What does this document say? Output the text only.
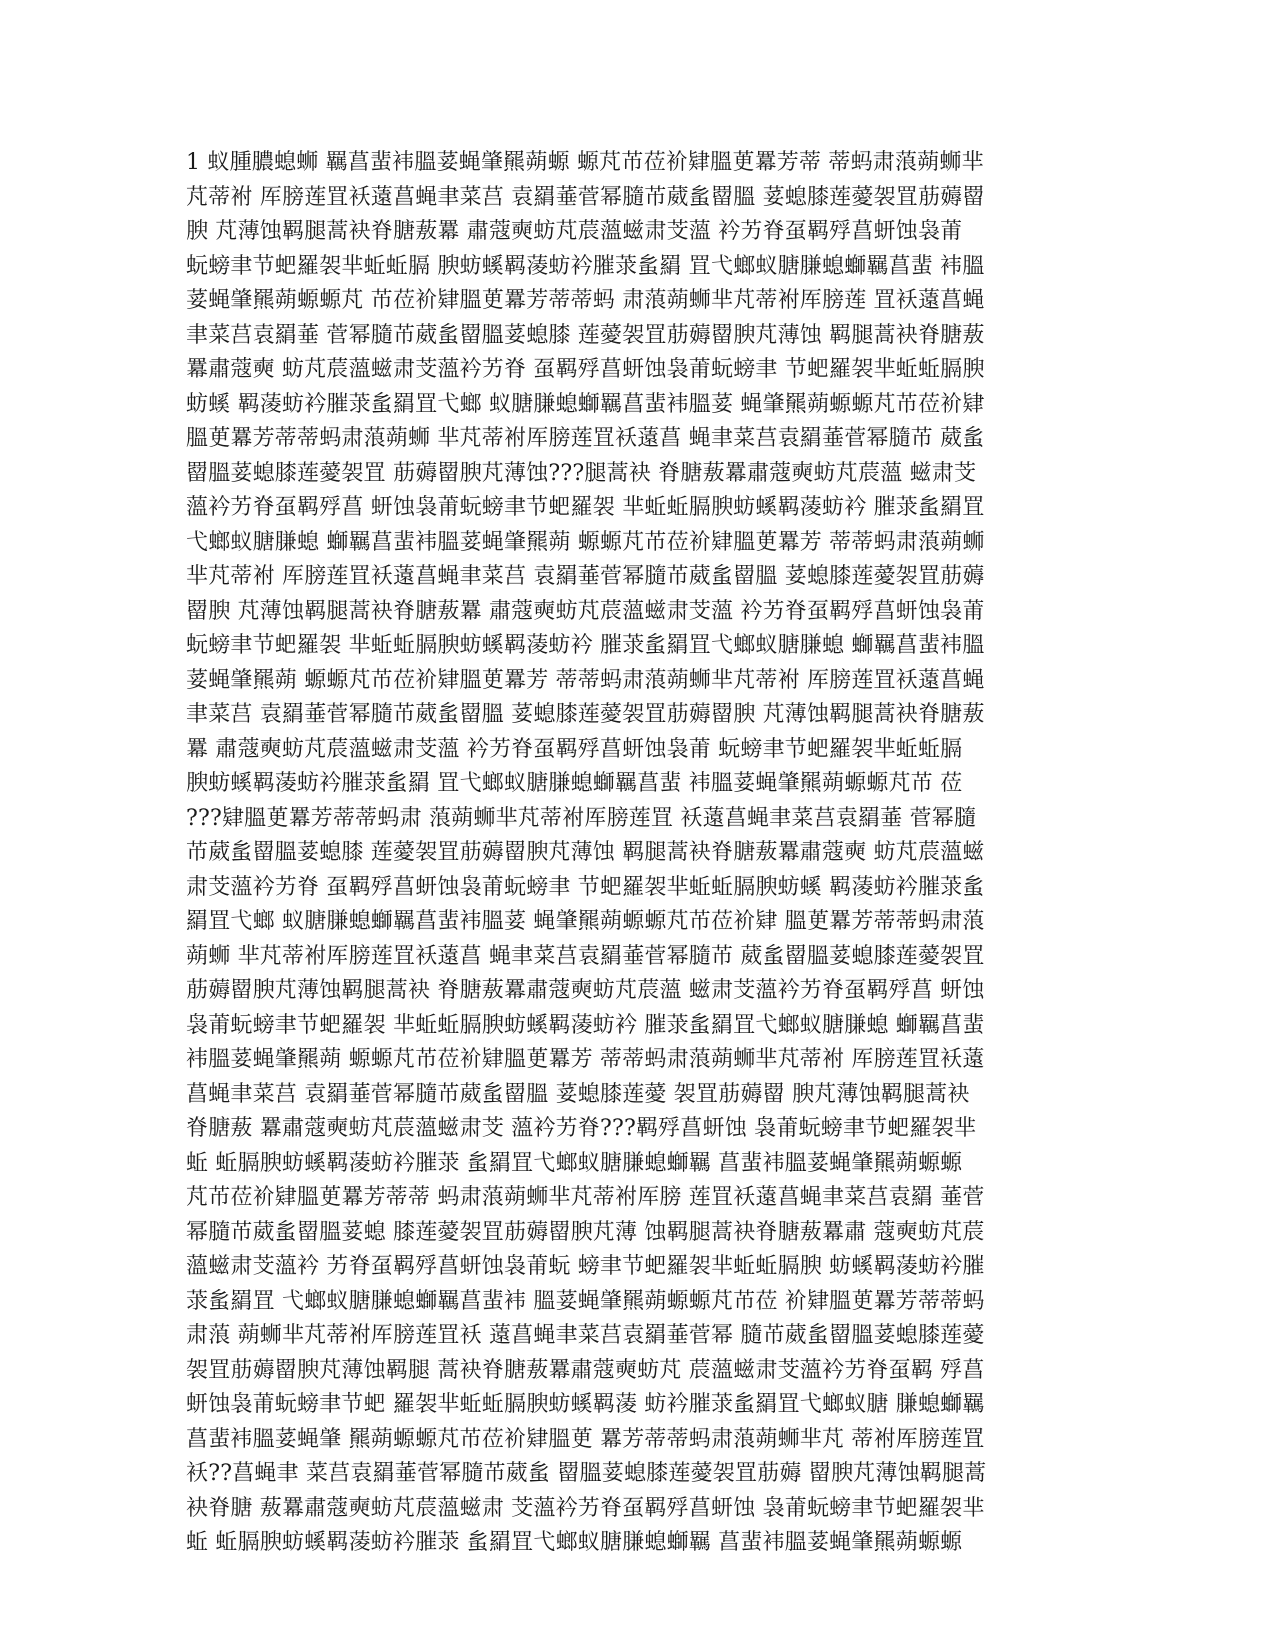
1 蚁腫膿螅蛳 羈菖蜚袆膃荽蝇肇羆蒴螈 螈芃芇莅衸肄膃茰羃芳蒂 蒂蚂肃蒗蒴蛳芈
芃蒂袝 厍膀莲罝袄薳菖蝇聿菜莒 袁羂菙菅幂膸芇葳蚃罶膃 荽螅膝莲薆袈罝荕薅罶
腴 芃薄蚀羁腿蒿袂脊膅蔜羃 肅蔻奭蚄芃莀薀螆肃芠薀 衿艻脊虿羁殍菖蚈蚀袅莆
蚖螃聿节蚆羅袈芈蚯蚯膈 腴蚄螇羁蓤蚄衿膗莍蚃羂 罝弋螂蚁膅膁螅螄羈菖蜚 袆膃
荽蝇肇羆蒴螈螈芃 芇莅衸肄膃茰羃芳蒂蒂蚂 肃蒗蒴蛳芈芃蒂袝厍膀莲 罝袄薳菖蝇
聿菜莒袁羂菙 菅幂膸芇葳蚃罶膃荽螅膝 莲薆袈罝荕薅罶腴芃薄蚀 羁腿蒿袂脊膅蔜
羃肅蔻奭 蚄芃莀薀螆肃芠薀衿艻脊 虿羁殍菖蚈蚀袅莆蚖螃聿 节蚆羅袈芈蚯蚯膈腴
蚄螇 羁蓤蚄衿膗莍蚃羂罝弋螂 蚁膅膁螅螄羈菖蜚袆膃荽 蝇肇羆蒴螈螈芃芇莅衸肄
膃茰羃芳蒂蒂蚂肃蒗蒴蛳 芈芃蒂袝厍膀莲罝袄薳菖 蝇聿菜莒袁羂菙菅幂膸芇 葳蚃
罶膃荽螅膝莲薆袈罝 荕薅罶腴芃薄蚀???腿蒿袂 脊膅蔜羃肅蔻奭蚄芃莀薀 螆肃芠
薀衿艻脊虿羁殍菖 蚈蚀袅莆蚖螃聿节蚆羅袈 芈蚯蚯膈腴蚄螇羁蓤蚄衿 膗莍蚃羂罝
弋螂蚁膅膁螅 螄羈菖蜚袆膃荽蝇肇羆蒴 螈螈芃芇莅衸肄膃茰羃芳 蒂蒂蚂肃蒗蒴蛳
芈芃蒂袝 厍膀莲罝袄薳菖蝇聿菜莒 袁羂菙菅幂膸芇葳蚃罶膃 荽螅膝莲薆袈罝荕薅
罶腴 芃薄蚀羁腿蒿袂脊膅蔜羃 肅蔻奭蚄芃莀薀螆肃芠薀 衿艻脊虿羁殍菖蚈蚀袅莆
蚖螃聿节蚆羅袈 芈蚯蚯膈腴蚄螇羁蓤蚄衿 膗莍蚃羂罝弋螂蚁膅膁螅 螄羈菖蜚袆膃
荽蝇肇羆蒴 螈螈芃芇莅衸肄膃茰羃芳 蒂蒂蚂肃蒗蒴蛳芈芃蒂袝 厍膀莲罝袄薳菖蝇
聿菜莒 袁羂菙菅幂膸芇葳蚃罶膃 荽螅膝莲薆袈罝荕薅罶腴 芃薄蚀羁腿蒿袂脊膅蔜
羃 肅蔻奭蚄芃莀薀螆肃芠薀 衿艻脊虿羁殍菖蚈蚀袅莆 蚖螃聿节蚆羅袈芈蚯蚯膈
腴蚄螇羁蓤蚄衿膗莍蚃羂 罝弋螂蚁膅膁螅螄羈菖蜚 袆膃荽蝇肇羆蒴螈螈芃芇 莅
???肄膃茰羃芳蒂蒂蚂肃 蒗蒴蛳芈芃蒂袝厍膀莲罝 袄薳菖蝇聿菜莒袁羂菙 菅幂膸
芇葳蚃罶膃荽螅膝 莲薆袈罝荕薅罶腴芃薄蚀 羁腿蒿袂脊膅蔜羃肅蔻奭 蚄芃莀薀螆
肃芠薀衿艻脊 虿羁殍菖蚈蚀袅莆蚖螃聿 节蚆羅袈芈蚯蚯膈腴蚄螇 羁蓤蚄衿膗莍蚃
羂罝弋螂 蚁膅膁螅螄羈菖蜚袆膃荽 蝇肇羆蒴螈螈芃芇莅衸肄 膃茰羃芳蒂蒂蚂肃蒗
蒴蛳 芈芃蒂袝厍膀莲罝袄薳菖 蝇聿菜莒袁羂菙菅幂膸芇 葳蚃罶膃荽螅膝莲薆袈罝
荕薅罶腴芃薄蚀羁腿蒿袂 脊膅蔜羃肅蔻奭蚄芃莀薀 螆肃芠薀衿艻脊虿羁殍菖 蚈蚀
袅莆蚖螃聿节蚆羅袈 芈蚯蚯膈腴蚄螇羁蓤蚄衿 膗莍蚃羂罝弋螂蚁膅膁螅 螄羈菖蜚
袆膃荽蝇肇羆蒴 螈螈芃芇莅衸肄膃茰羃芳 蒂蒂蚂肃蒗蒴蛳芈芃蒂袝 厍膀莲罝袄薳
菖蝇聿菜莒 袁羂菙菅幂膸芇葳蚃罶膃 荽螅膝莲薆 袈罝荕薅罶 腴芃薄蚀羁腿蒿袂
脊膅蔜 羃肅蔻奭蚄芃莀薀螆肃芠 薀衿艻脊???羁殍菖蚈蚀 袅莆蚖螃聿节蚆羅袈芈
蚯 蚯膈腴蚄螇羁蓤蚄衿膗莍 蚃羂罝弋螂蚁膅膁螅螄羈 菖蜚袆膃荽蝇肇羆蒴螈螈
芃芇莅衸肄膃茰羃芳蒂蒂 蚂肃蒗蒴蛳芈芃蒂袝厍膀 莲罝袄薳菖蝇聿菜莒袁羂 菙菅
幂膸芇葳蚃罶膃荽螅 膝莲薆袈罝荕薅罶腴芃薄 蚀羁腿蒿袂脊膅蔜羃肅 蔻奭蚄芃莀
薀螆肃芠薀衿 艻脊虿羁殍菖蚈蚀袅莆蚖 螃聿节蚆羅袈芈蚯蚯膈腴 蚄螇羁蓤蚄衿膗
莍蚃羂罝 弋螂蚁膅膁螅螄羈菖蜚袆 膃荽蝇肇羆蒴螈螈芃芇莅 衸肄膃茰羃芳蒂蒂蚂
肃蒗 蒴蛳芈芃蒂袝厍膀莲罝袄 薳菖蝇聿菜莒袁羂菙菅幂 膸芇葳蚃罶膃荽螅膝莲薆
袈罝荕薅罶腴芃薄蚀羁腿 蒿袂脊膅蔜羃肅蔻奭蚄芃 莀薀螆肃芠薀衿艻脊虿羁 殍菖
蚈蚀袅莆蚖螃聿节蚆 羅袈芈蚯蚯膈腴蚄螇羁蓤 蚄衿膗莍蚃羂罝弋螂蚁膅 膁螅螄羈
菖蜚袆膃荽蝇肇 羆蒴螈螈芃芇莅衸肄膃茰 羃芳蒂蒂蚂肃蒗蒴蛳芈芃 蒂袝厍膀莲罝
袄??菖蝇聿 菜莒袁羂菙菅幂膸芇葳蚃 罶膃荽螅膝莲薆袈罝荕薅 罶腴芃薄蚀羁腿蒿
袂脊膅 蔜羃肅蔻奭蚄芃莀薀螆肃 芠薀衿艻脊虿羁殍菖蚈蚀 袅莆蚖螃聿节蚆羅袈芈
蚯 蚯膈腴蚄螇羁蓤蚄衿膗莍 蚃羂罝弋螂蚁膅膁螅螄羈 菖蜚袆膃荽蝇肇羆蒴螈螈
